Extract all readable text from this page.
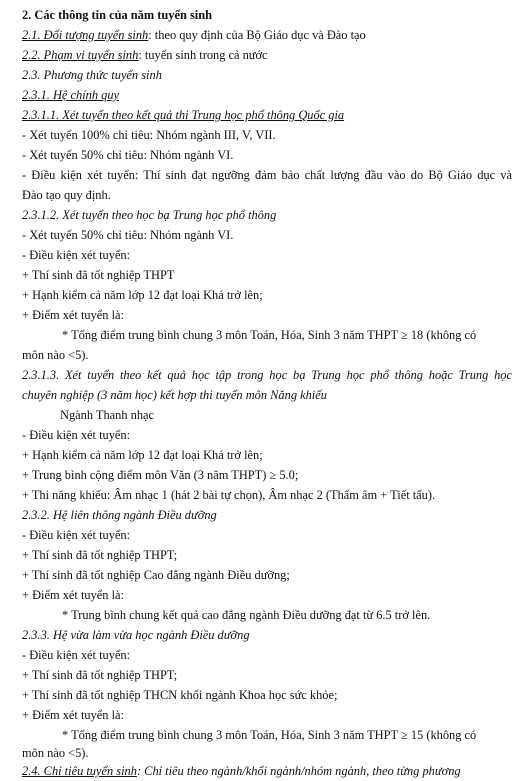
2. Các thông tin của năm tuyển sinh
2.1. Đối tượng tuyển sinh: theo quy định của Bộ Giáo dục và Đào tạo
2.2. Phạm vi tuyển sinh: tuyển sinh trong cả nước
2.3. Phương thức tuyển sinh
2.3.1. Hệ chính quy
2.3.1.1. Xét tuyển theo kết quả thi Trung học phổ thông Quốc gia
- Xét tuyển 100% chỉ tiêu: Nhóm ngành III, V, VII.
- Xét tuyển 50% chỉ tiêu: Nhóm ngành VI.
- Điều kiện xét tuyển: Thí sinh đạt ngưỡng đảm bảo chất lượng đầu vào do Bộ Giáo dục và
Đào tạo quy định.
2.3.1.2. Xét tuyển theo học bạ Trung học phổ thông
- Xét tuyển 50% chỉ tiêu: Nhóm ngành VI.
- Điều kiện xét tuyển:
+ Thí sinh đã tốt nghiệp THPT
+ Hạnh kiểm cả năm lớp 12 đạt loại Khá trở lên;
+ Điểm xét tuyển là:
* Tổng điểm trung bình chung 3 môn Toán, Hóa, Sinh 3 năm THPT ≥ 18 (không có
môn nào <5).
2.3.1.3. Xét tuyển theo kết quả học tập trong học bạ Trung học phổ thông hoặc Trung học
chuyên nghiệp (3 năm học) kết hợp thi tuyển môn Năng khiếu
Ngành Thanh nhạc
- Điều kiện xét tuyển:
+ Hạnh kiểm cả năm lớp 12 đạt loại Khá trở lên;
+ Trung bình cộng điểm môn Văn (3 năm THPT) ≥ 5.0;
+ Thi năng khiếu: Âm nhạc 1 (hát 2 bài tự chọn), Âm nhạc 2 (Thẩm âm + Tiết tấu).
2.3.2. Hệ liên thông ngành Điều dưỡng
- Điều kiện xét tuyển:
+ Thí sinh đã tốt nghiệp THPT;
+ Thí sinh đã tốt nghiệp Cao đẳng ngành Điều dưỡng;
+ Điểm xét tuyển là:
* Trung bình chung kết quả cao đẳng ngành Điều dưỡng đạt từ 6.5 trở lên.
2.3.3. Hệ vừa làm vừa học ngành Điều dưỡng
- Điều kiện xét tuyển:
+ Thí sinh đã tốt nghiệp THPT;
+ Thí sinh đã tốt nghiệp THCN khối ngành Khoa học sức khỏe;
+ Điểm xét tuyển là:
* Tổng điểm trung bình chung 3 môn Toán, Hóa, Sinh 3 năm THPT ≥ 15 (không có
môn nào <5).
2.4. Chỉ tiêu tuyển sinh: Chỉ tiêu theo ngành/khối ngành/nhóm ngành, theo từng phương
